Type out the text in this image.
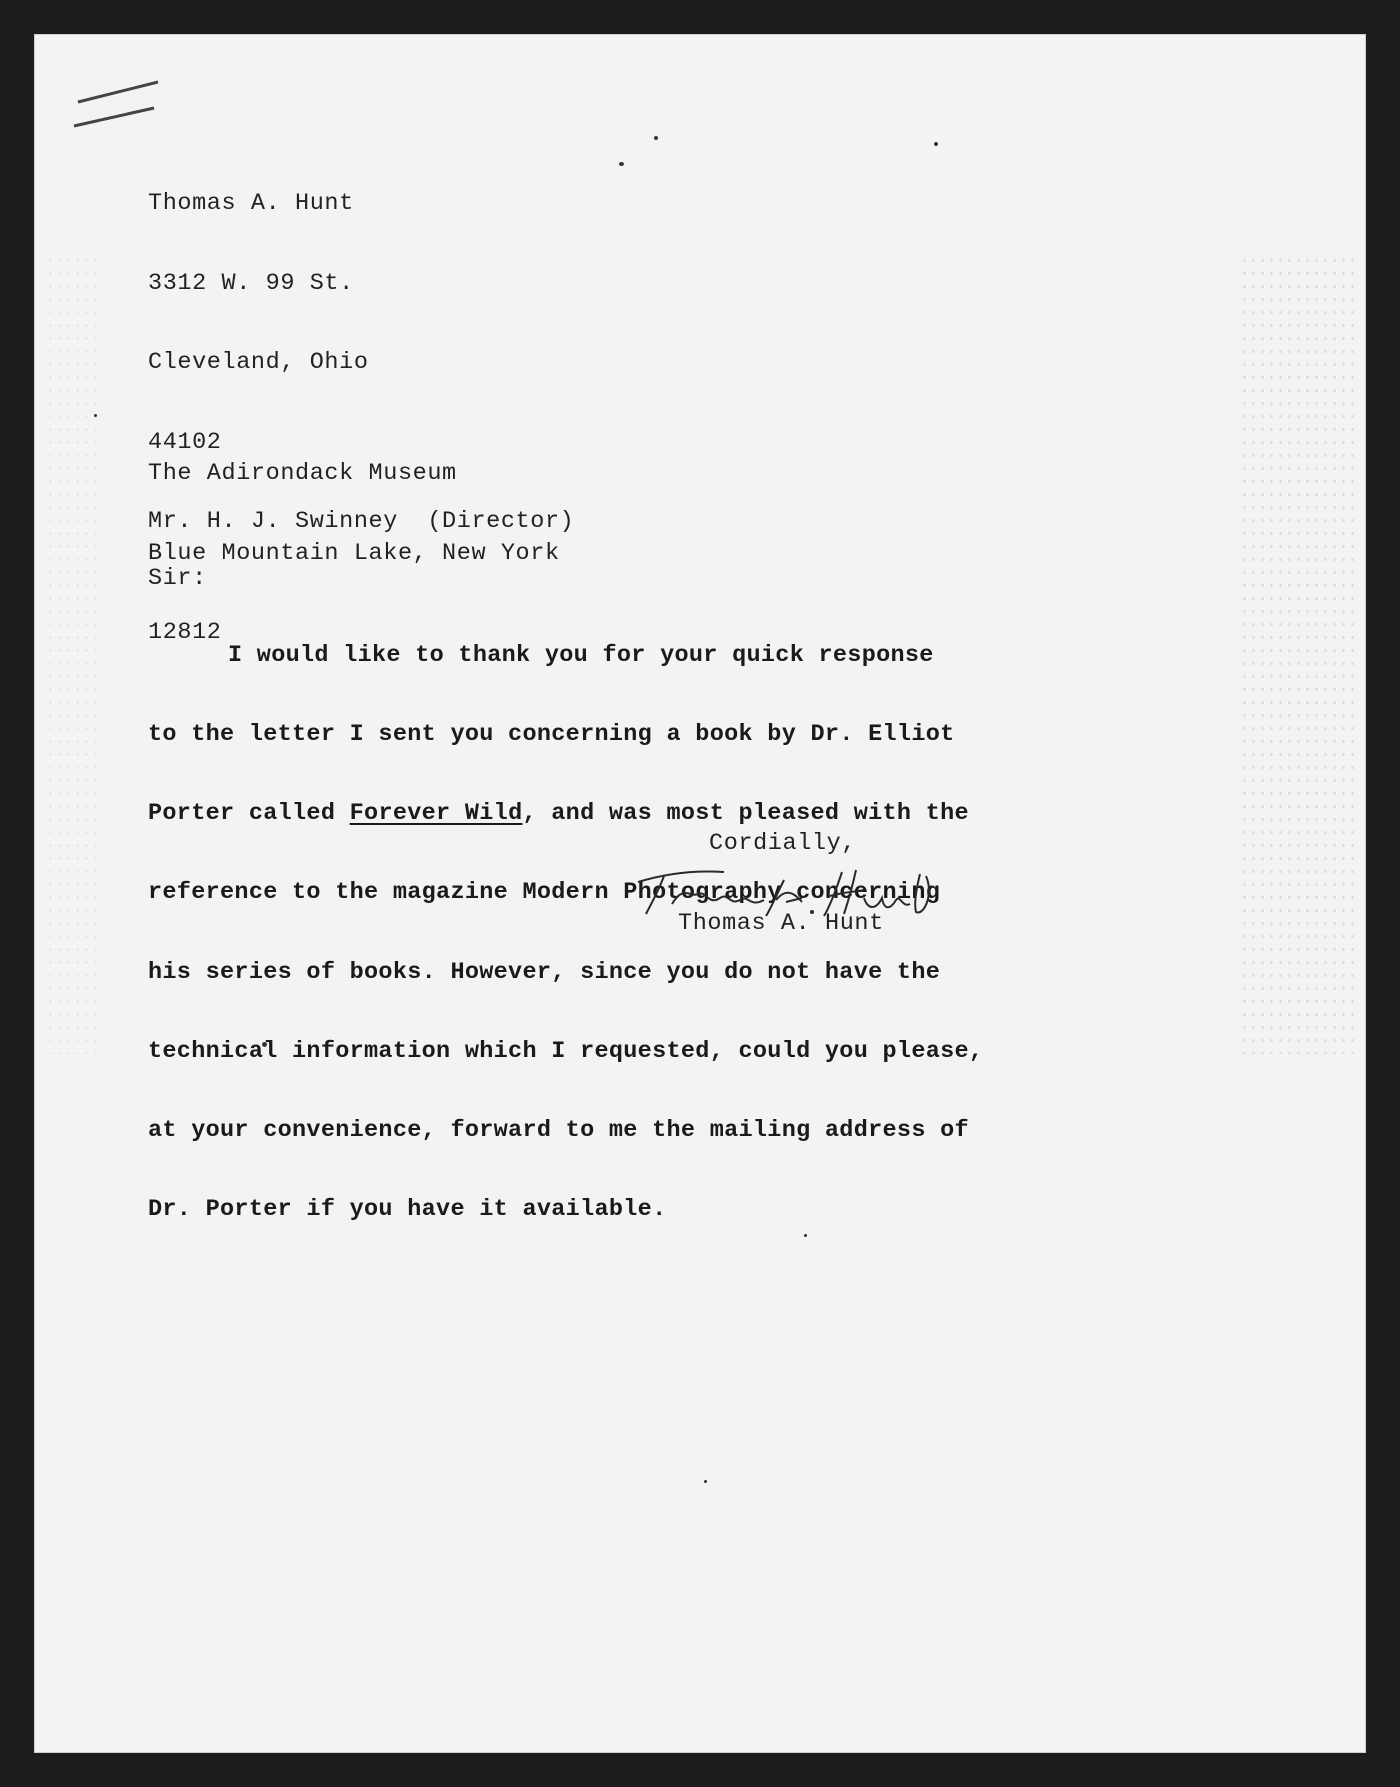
Thomas A. Hunt

3312 W. 99 St.

Cleveland, Ohio

44102

The Adirondack Museum

Blue Mountain Lake, New York

12812

Mr. H. J. Swinney  (Director)
Sir:

I would like to thank you for your quick response

to the letter I sent you concerning a book by Dr. Elliot

Porter called Forever Wild, and was most pleased with the

reference to the magazine Modern Photography concerning

his series of books. However, since you do not have the

technical information which I requested, could you please,

at your convenience, forward to me the mailing address of

Dr. Porter if you have it available.

Cordially,
Thomas A. Hunt
